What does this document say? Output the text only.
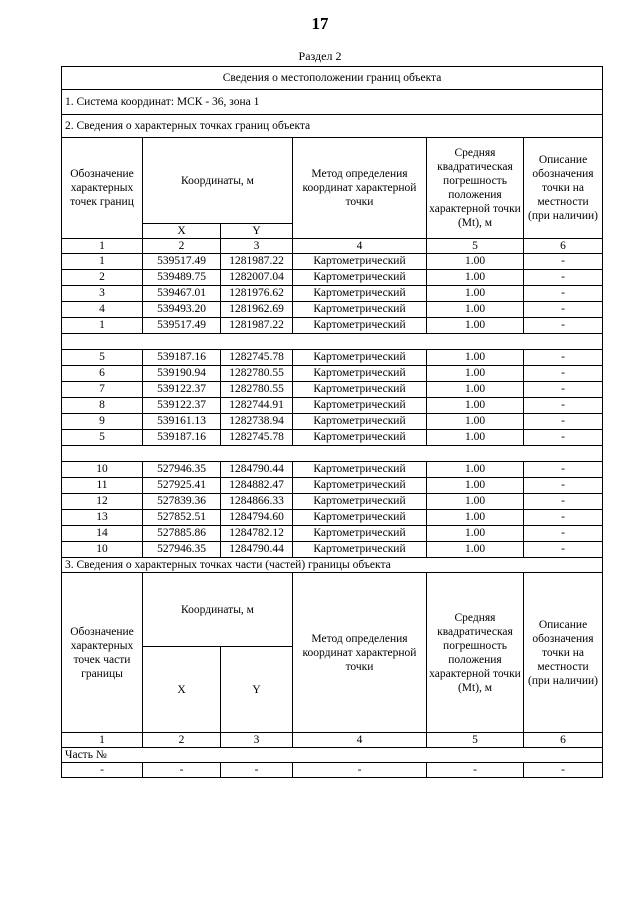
17
Раздел 2
Сведения о местоположении границ объекта					
1. Система координат: МСК - 36, зона 1					
2. Сведения о характерных точках границ объекта					
Обозначение характерных точек границ	Координаты, м		Метод определения координат характерной точки	Средняя квадратическая погрешность положения характерной точки (Mt), м	Описание обозначения точки на местности (при наличии)
	X	Y			
1	2	3	4	5	6
1	539517.49	1281987.22	Картометрический	1.00	-
2	539489.75	1282007.04	Картометрический	1.00	-
3	539467.01	1281976.62	Картометрический	1.00	-
4	539493.20	1281962.69	Картометрический	1.00	-
1	539517.49	1281987.22	Картометрический	1.00	-

5	539187.16	1282745.78	Картометрический	1.00	-
6	539190.94	1282780.55	Картометрический	1.00	-
7	539122.37	1282780.55	Картометрический	1.00	-
8	539122.37	1282744.91	Картометрический	1.00	-
9	539161.13	1282738.94	Картометрический	1.00	-
5	539187.16	1282745.78	Картометрический	1.00	-

10	527946.35	1284790.44	Картометрический	1.00	-
11	527925.41	1284882.47	Картометрический	1.00	-
12	527839.36	1284866.33	Картометрический	1.00	-
13	527852.51	1284794.60	Картометрический	1.00	-
14	527885.86	1284782.12	Картометрический	1.00	-
10	527946.35	1284790.44	Картометрический	1.00	-
3. Сведения о характерных точках части (частей) границы объекта					
Обозначение характерных точек части границы	Координаты, м		Метод определения координат характерной точки	Средняя квадратическая погрешность положения характерной точки (Mt), м	Описание обозначения точки на местности (при наличии)
	X	Y			
1	2	3	4	5	6
Часть №					
-	-	-	-	-	-
